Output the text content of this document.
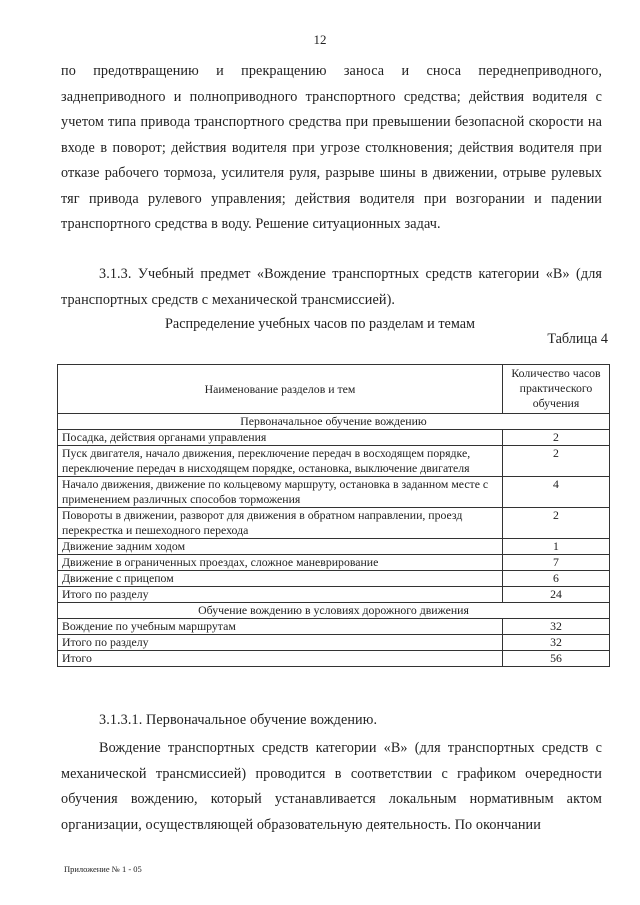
12
по предотвращению и прекращению заноса и сноса переднеприводного, заднеприводного и полноприводного транспортного средства; действия водителя с учетом типа привода транспортного средства при превышении безопасной скорости на входе в поворот; действия водителя при угрозе столкновения; действия водителя при отказе рабочего тормоза, усилителя руля, разрыве шины в движении, отрыве рулевых тяг привода рулевого управления; действия водителя при возгорании и падении транспортного средства в воду. Решение ситуационных задач.
3.1.3. Учебный предмет «Вождение транспортных средств категории «B» (для транспортных средств с механической трансмиссией).
Распределение учебных часов по разделам и темам
Таблица 4
Наименование разделов и тем	Количество часов практического обучения
Первоначальное обучение вождению	
Посадка, действия органами управления	2
Пуск двигателя, начало движения, переключение передач в восходящем порядке, переключение передач в нисходящем порядке, остановка, выключение двигателя	2
Начало движения, движение по кольцевому маршруту, остановка в заданном месте с применением различных способов торможения	4
Повороты в движении, разворот для движения в обратном направлении, проезд перекрестка и пешеходного перехода	2
Движение задним ходом	1
Движение в ограниченных проездах, сложное маневрирование	7
Движение с прицепом	6
Итого по разделу	24
Обучение вождению в условиях дорожного движения	
Вождение по учебным маршрутам	32
Итого по разделу	32
Итого	56
3.1.3.1. Первоначальное обучение вождению.
Вождение транспортных средств категории «B» (для транспортных средств с механической трансмиссией) проводится в соответствии с графиком очередности обучения вождению, который устанавливается локальным нормативным актом организации, осуществляющей образовательную деятельность. По окончании
Приложение № 1 - 05
